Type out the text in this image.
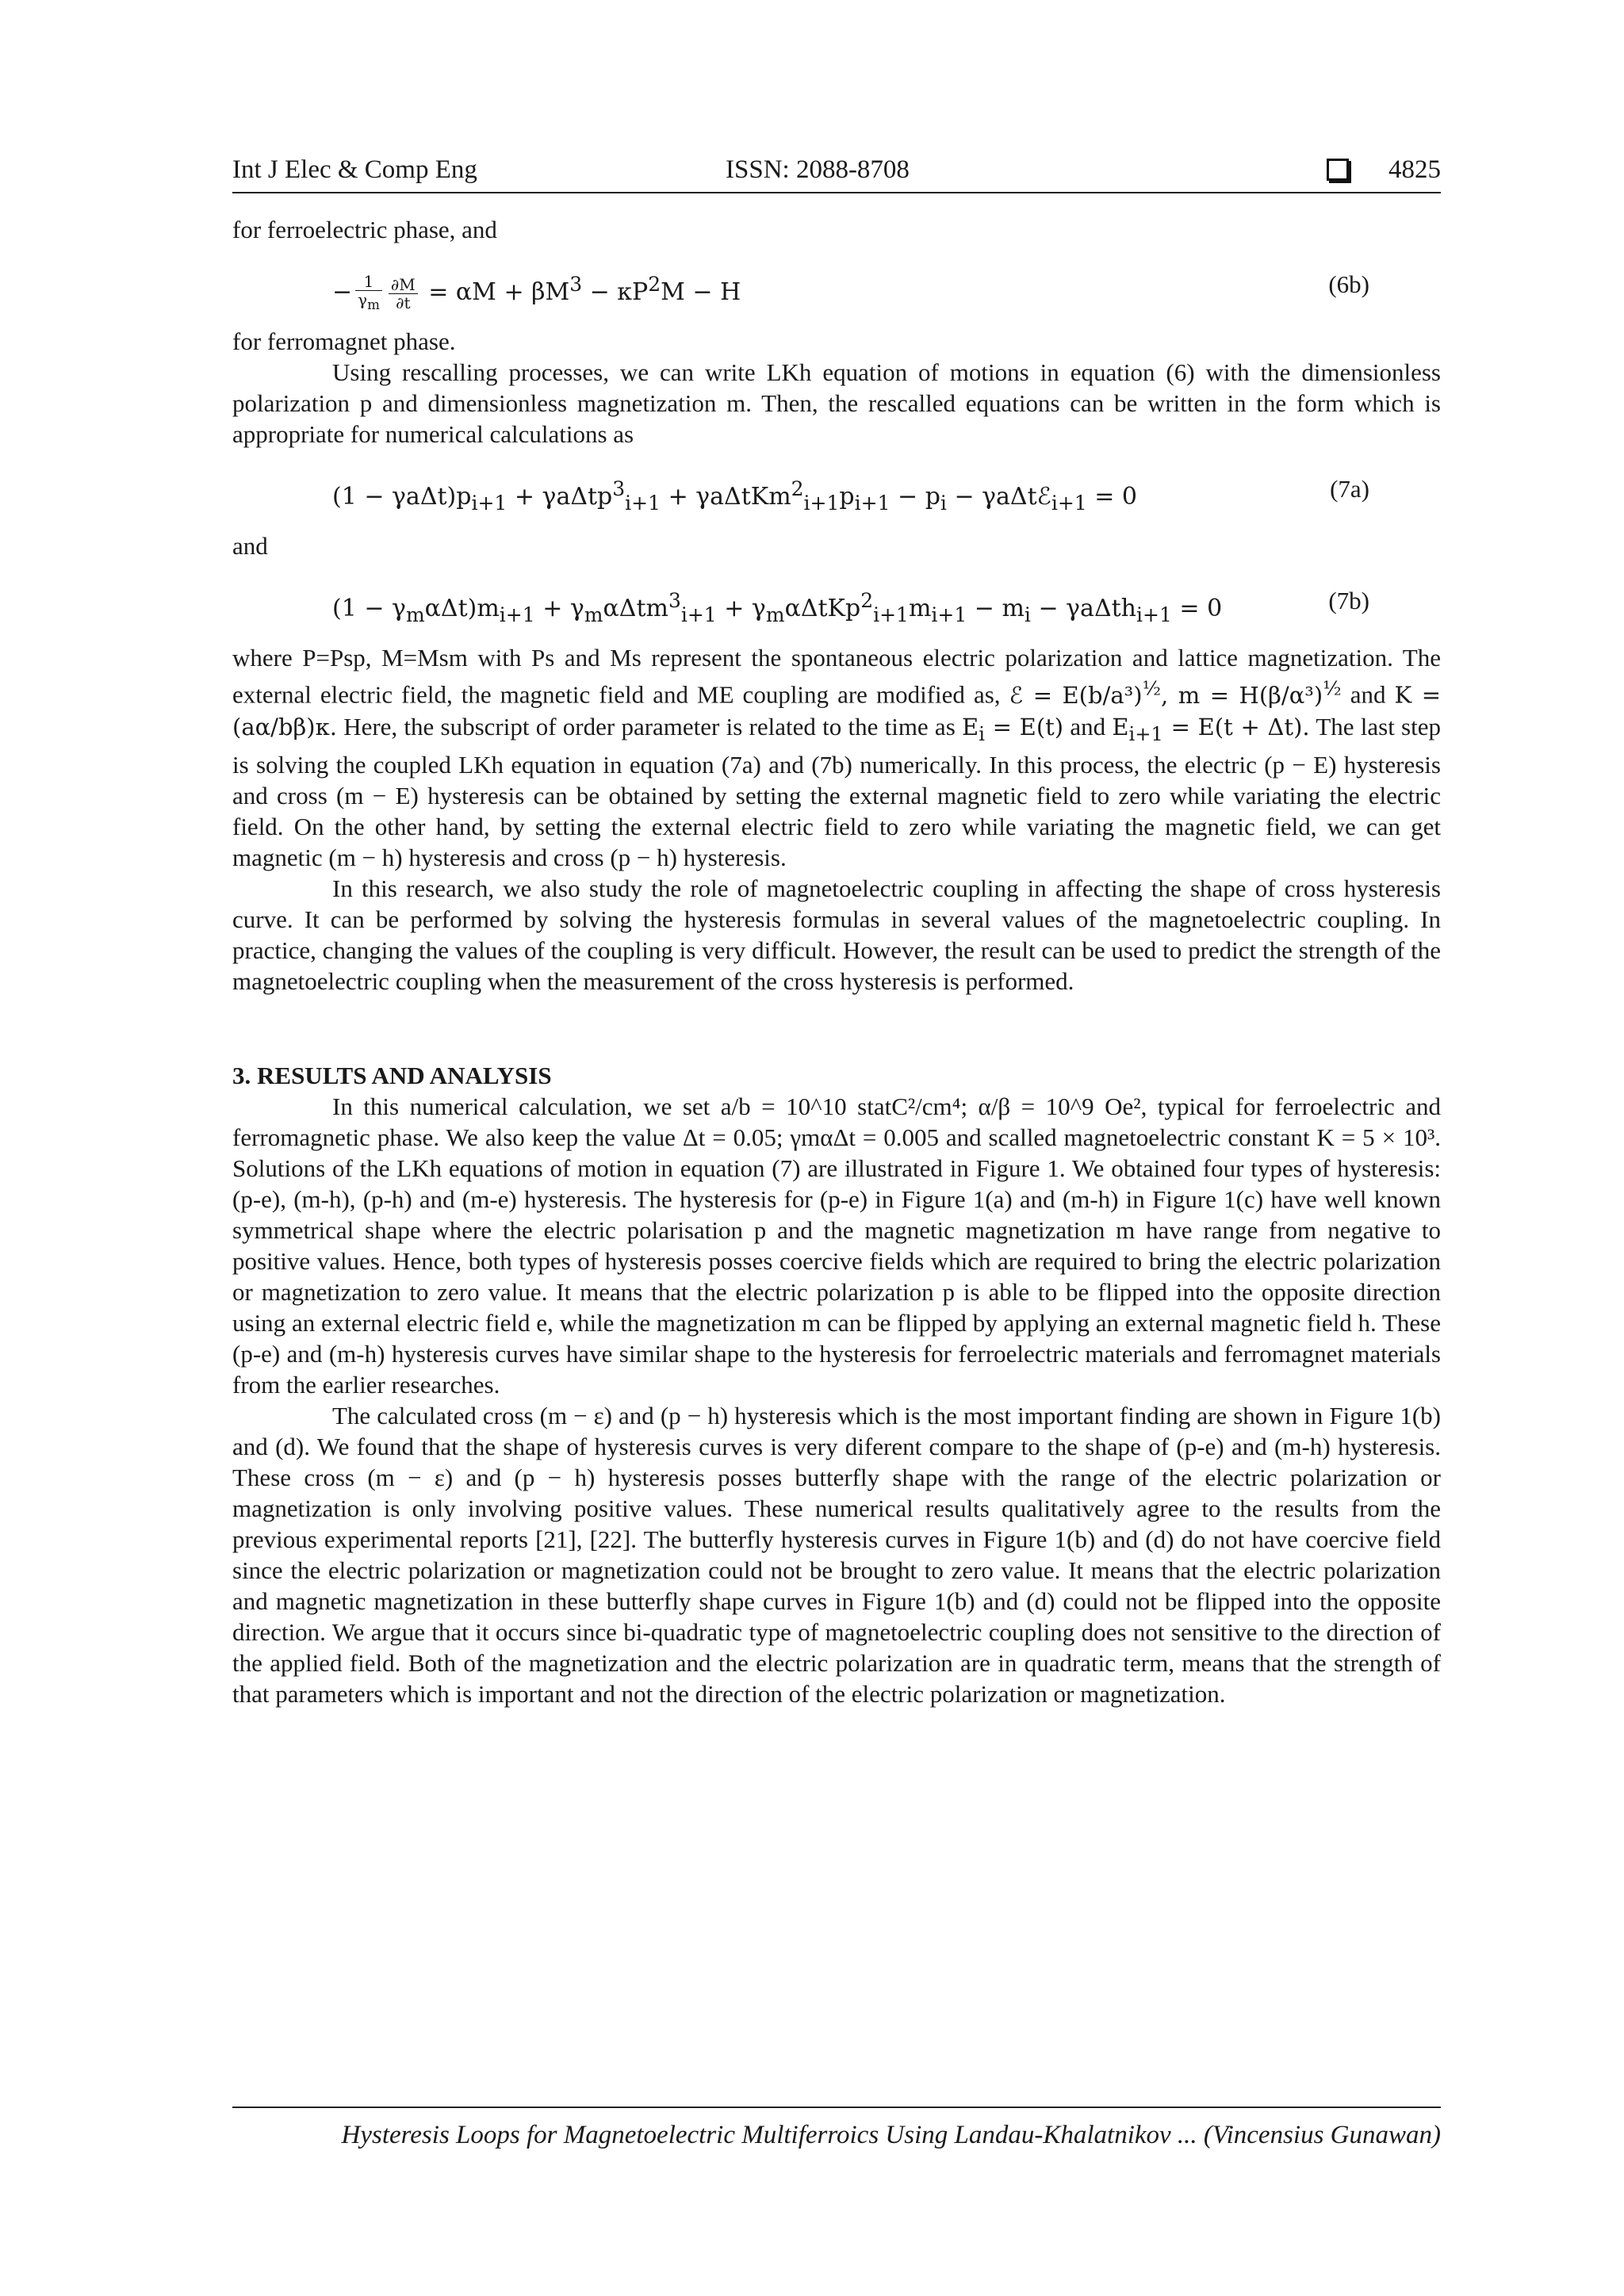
Int J Elec & Comp Eng	ISSN: 2088-8708	4825

for ferroelectric phase, and

− $\frac{1}{\gamma_m} \frac{\partial M}{\partial t} = \alpha M + \beta M^3 - \kappa P^2M - H$	(6b)

for ferromagnet phase.

Using rescalling processes, we can write LKh equation of motions in equation (6) with the dimensionless polarization p and dimensionless magnetization m. Then, the rescalled equations can be written in the form which is appropriate for numerical calculations as

$(1 - \gamma a\Delta t)p_{i+1} + \gamma a\Delta tp^3_{i+1} + \gamma a\Delta tKm^2_{i+1}p_{i+1} - p_i$ − γaΔtℰ$_{i+1}$ = 0	(7a)

and

$(1 - \gamma_m\alpha\Delta t)m_{i+1} + \gamma_m\alpha\Delta tm^3_{i+1} + \gamma_m\alpha\Delta tKp^2_{i+1}m_{i+1} - m_i - \gamma a\Delta th_{i+1} = 0$	(7b)

where P=Psp, M=Msm with Ps and Ms represent the spontaneous electric polarization and lattice magnetization. The external electric field, the magnetic field and ME coupling are modified as, ℰ = $E(b/a^3)^{\frac{1}{2}}$, $m = H(\beta/\alpha^3)^{\frac{1}{2}}$ and K = (aα/bβ)κ. Here, the subscript of order parameter is related to the time as $E_i = E(t)$ and $E_{i+1} = E(t + \Delta t)$. The last step is solving the coupled LKh equation in equation (7a) and (7b) numerically. In this process, the electric (p − E) hysteresis and cross (m − E) hysteresis can be obtained by setting the external magnetic field to zero while variating the electric field. On the other hand, by setting the external electric field to zero while variating the magnetic field, we can get magnetic (m − h) hysteresis and cross (p − h) hysteresis.

In this research, we also study the role of magnetoelectric coupling in affecting the shape of cross hysteresis curve. It can be performed by solving the hysteresis formulas in several values of the magnetoelectric coupling. In practice, changing the values of the coupling is very difficult. However, the result can be used to predict the strength of the magnetoelectric coupling when the measurement of the cross hysteresis is performed.

3. RESULTS AND ANALYSIS

In this numerical calculation, we set a/b = 10^10 statC²/cm⁴; α/β = 10^9 Oe², typical for ferroelectric and ferromagnetic phase. We also keep the value Δt = 0.05; γmαΔt = 0.005 and scalled magnetoelectric constant K = 5 × 10³. Solutions of the LKh equations of motion in equation (7) are illustrated in Figure 1. We obtained four types of hysteresis: (p-e), (m-h), (p-h) and (m-e) hysteresis. The hysteresis for (p-e) in Figure 1(a) and (m-h) in Figure 1(c) have well known symmetrical shape where the electric polarisation p and the magnetic magnetization m have range from negative to positive values. Hence, both types of hysteresis posses coercive fields which are required to bring the electric polarization or magnetization to zero value. It means that the electric polarization p is able to be flipped into the opposite direction using an external electric field e, while the magnetization m can be flipped by applying an external magnetic field h. These (p-e) and (m-h) hysteresis curves have similar shape to the hysteresis for ferroelectric materials and ferromagnet materials from the earlier researches.

The calculated cross (m − ε) and (p − h) hysteresis which is the most important finding are shown in Figure 1(b) and (d). We found that the shape of hysteresis curves is very diferent compare to the shape of (p-e) and (m-h) hysteresis. These cross (m − ε) and (p − h) hysteresis posses butterfly shape with the range of the electric polarization or magnetization is only involving positive values. These numerical results qualitatively agree to the results from the previous experimental reports [21], [22]. The butterfly hysteresis curves in Figure 1(b) and (d) do not have coercive field since the electric polarization or magnetization could not be brought to zero value. It means that the electric polarization and magnetic magnetization in these butterfly shape curves in Figure 1(b) and (d) could not be flipped into the opposite direction. We argue that it occurs since bi-quadratic type of magnetoelectric coupling does not sensitive to the direction of the applied field. Both of the magnetization and the electric polarization are in quadratic term, means that the strength of that parameters which is important and not the direction of the electric polarization or magnetization.

Hysteresis Loops for Magnetoelectric Multiferroics Using Landau-Khalatnikov ... (Vincensius Gunawan)
